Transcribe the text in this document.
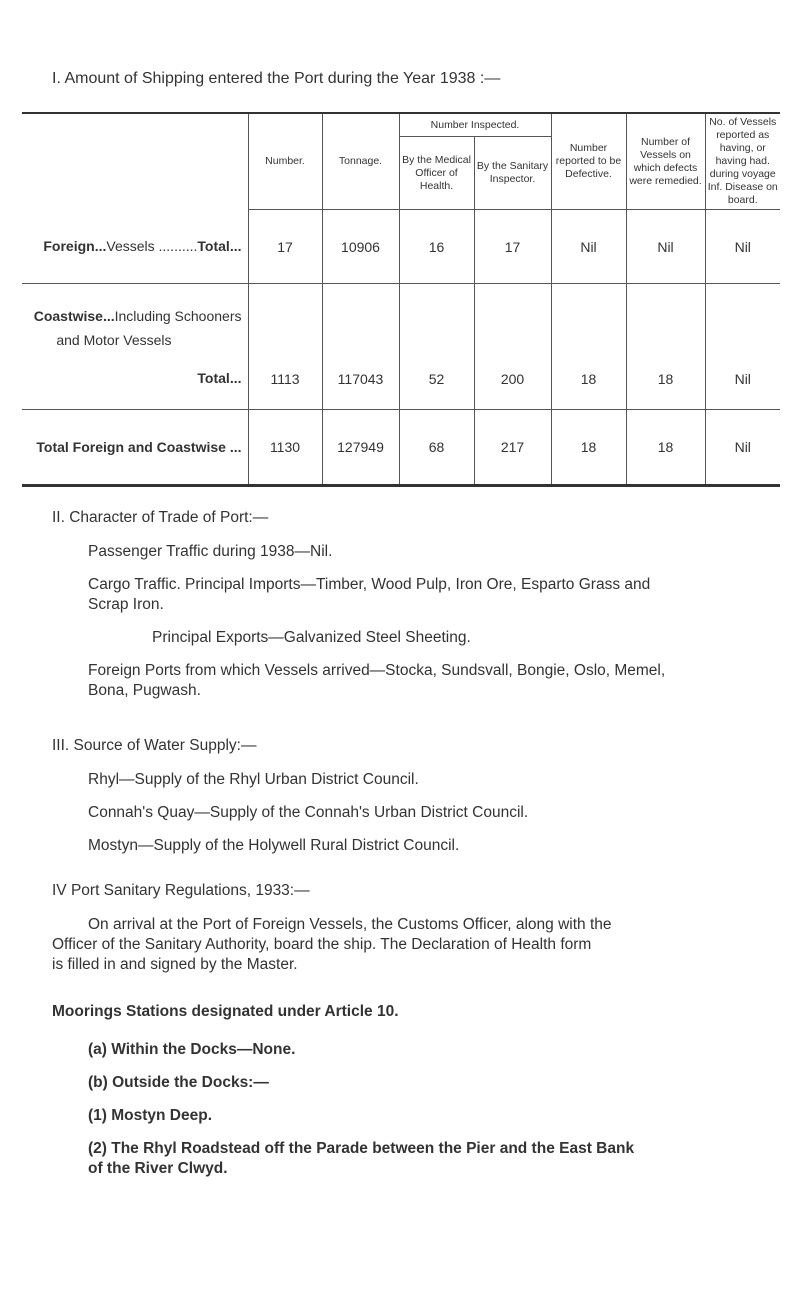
I. Amount of Shipping entered the Port during the Year 1938 :—
	Number.	Tonnage.	Number Inspected.		Number reported to be Defective.	Number of Vessels on which defects were remedied.	No. of Vessels reported as having, or having had. during voyage Inf. Disease on board.
			By the Medical Officer of Health.	By the Sanitary Inspector.			
Foreign...Vessels ..........Total...	17	10906	16	17	Nil	Nil	Nil

Coastwise...Including Schooners
and Motor Vessels
Total...	1113	117043	52	200	18	18	Nil
Total Foreign and Coastwise ...	1130	127949	68	217	18	18	Nil

II. Character of Trade of Port:—

Passenger Traffic during 1938—Nil.

Cargo Traffic. Principal Imports—Timber, Wood Pulp, Iron Ore, Esparto Grass and

Scrap Iron.

Principal Exports—Galvanized Steel Sheeting.

Foreign Ports from which Vessels arrived—Stocka, Sundsvall, Bongie, Oslo, Memel,

Bona, Pugwash.

III. Source of Water Supply:—

Rhyl—Supply of the Rhyl Urban District Council.

Connah's Quay—Supply of the Connah's Urban District Council.

Mostyn—Supply of the Holywell Rural District Council.

IV Port Sanitary Regulations, 1933:—

On arrival at the Port of Foreign Vessels, the Customs Officer, along with the

Officer of the Sanitary Authority, board the ship. The Declaration of Health form

is filled in and signed by the Master.

Moorings Stations designated under Article 10.

(a) Within the Docks—None.

(b) Outside the Docks:—

(1) Mostyn Deep.

(2) The Rhyl Roadstead off the Parade between the Pier and the East Bank

of the River Clwyd.
